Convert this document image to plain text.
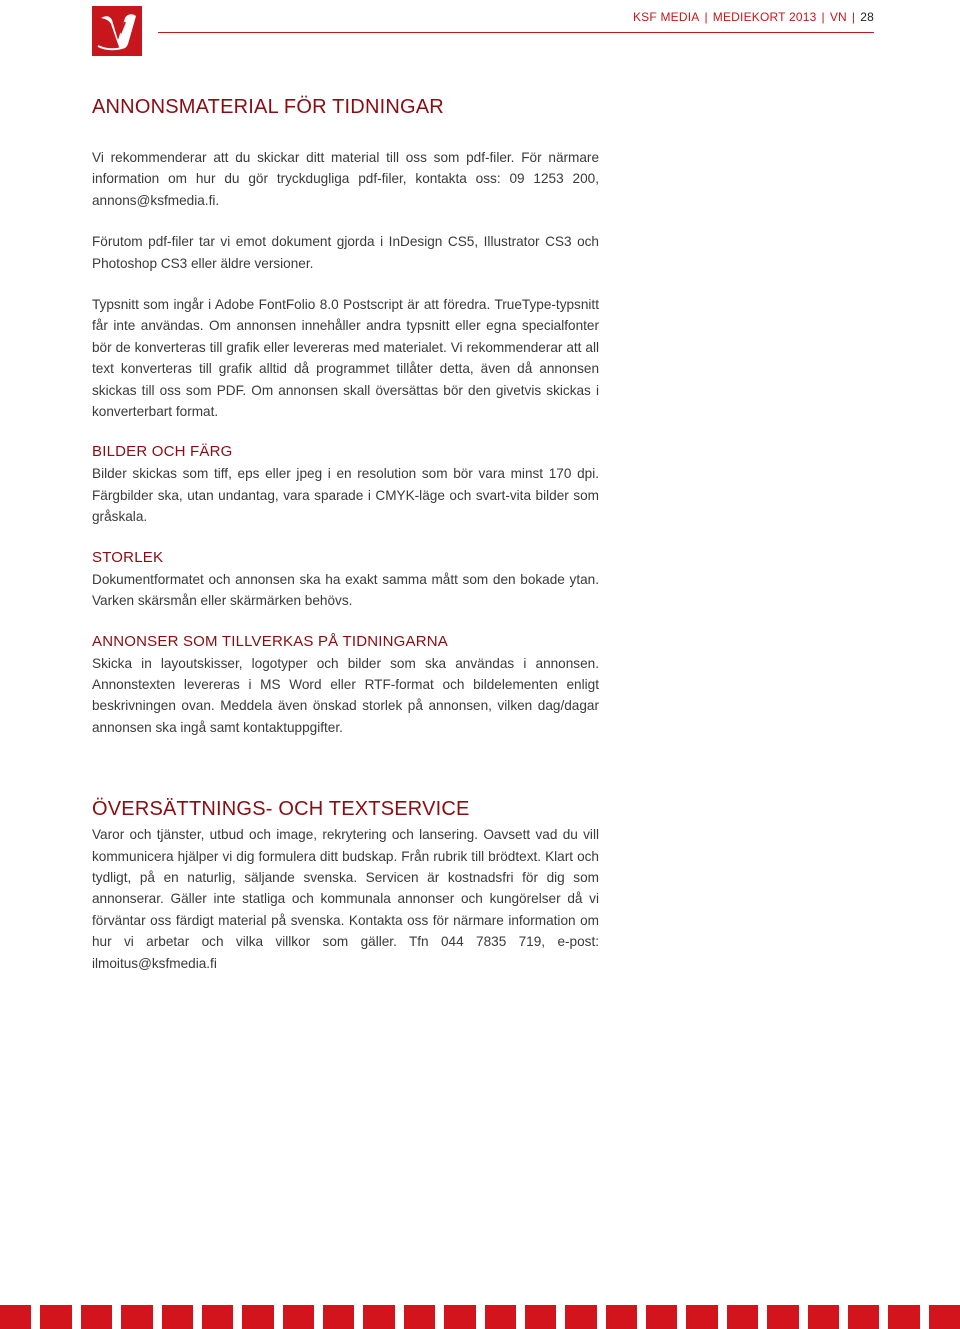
KSF MEDIA | MEDIEKORT 2013 | VN | 28
ANNONSMATERIAL FÖR TIDNINGAR

Vi rekommenderar att du skickar ditt material till oss som pdf-filer. För närmare information om hur du gör tryckdugliga pdf-filer, kontakta oss: 09 1253 200, annons@ksfmedia.fi.

Förutom pdf-filer tar vi emot dokument gjorda i InDesign CS5, Illustrator CS3 och Photoshop CS3 eller äldre versioner.

Typsnitt som ingår i Adobe FontFolio 8.0 Postscript är att föredra. TrueType-typsnitt får inte användas. Om annonsen innehåller andra typsnitt eller egna specialfonter bör de konverteras till grafik eller levereras med materialet. Vi rekommenderar att all text konverteras till grafik alltid då programmet tillåter detta, även då annonsen skickas till oss som PDF. Om annonsen skall översättas bör den givetvis skickas i konverterbart format.

BILDER OCH FÄRG

Bilder skickas som tiff, eps eller jpeg i en resolution som bör vara minst 170 dpi. Färgbilder ska, utan undantag, vara sparade i CMYK-läge och svart-vita bilder som gråskala.

STORLEK

Dokumentformatet och annonsen ska ha exakt samma mått som den bokade ytan. Varken skärsmån eller skärmärken behövs.

ANNONSER SOM TILLVERKAS PÅ TIDNINGARNA

Skicka in layoutskisser, logotyper och bilder som ska användas i annonsen. Annonstexten levereras i MS Word eller RTF-format och bildelementen enligt beskrivningen ovan. Meddela även önskad storlek på annonsen, vilken dag/dagar annonsen ska ingå samt kontaktuppgifter.

ÖVERSÄTTNINGS- OCH TEXTSERVICE

Varor och tjänster, utbud och image, rekrytering och lansering. Oavsett vad du vill kommunicera hjälper vi dig formulera ditt budskap. Från rubrik till brödtext. Klart och tydligt, på en naturlig, säljande svenska. Servicen är kostnadsfri för dig som annonserar. Gäller inte statliga och kommunala annonser och kungörelser då vi förväntar oss färdigt material på svenska. Kontakta oss för närmare information om hur vi arbetar och vilka villkor som gäller. Tfn 044 7835 719, e-post: ilmoitus@ksfmedia.fi
